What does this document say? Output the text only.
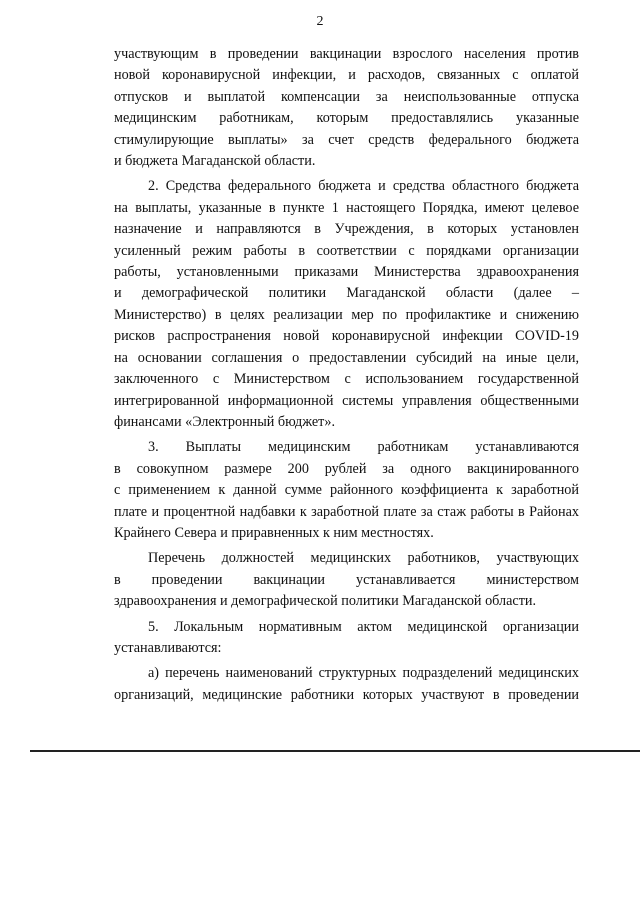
2
участвующим в проведении вакцинации взрослого населения против
новой коронавирусной инфекции, и расходов, связанных с оплатой
отпусков и выплатой компенсации за неиспользованные отпуска
медицинским работникам, которым предоставлялись указанные
стимулирующие выплаты» за счет средств федерального бюджета
и бюджета Магаданской области.
2. Средства федерального бюджета и средства областного бюджета
на выплаты, указанные в пункте 1 настоящего Порядка, имеют целевое
назначение и направляются в Учреждения, в которых установлен
усиленный режим работы в соответствии с порядками организации
работы, установленными приказами Министерства здравоохранения
и демографической политики Магаданской области (далее –
Министерство) в целях реализации мер по профилактике и снижению
рисков распространения новой коронавирусной инфекции COVID-19
на основании соглашения о предоставлении субсидий на иные цели,
заключенного с Министерством с использованием государственной
интегрированной информационной системы управления общественными
финансами «Электронный бюджет».
3. Выплаты медицинским работникам устанавливаются
в совокупном размере 200 рублей за одного вакцинированного
с применением к данной сумме районного коэффициента к заработной
плате и процентной надбавки к заработной плате за стаж работы в Районах
Крайнего Севера и приравненных к ним местностях.
Перечень должностей медицинских работников, участвующих
в проведении вакцинации устанавливается министерством
здравоохранения и демографической политики Магаданской области.
5. Локальным нормативным актом медицинской организации
устанавливаются:
а) перечень наименований структурных подразделений медицинских
организаций, медицинские работники которых участвуют в проведении
